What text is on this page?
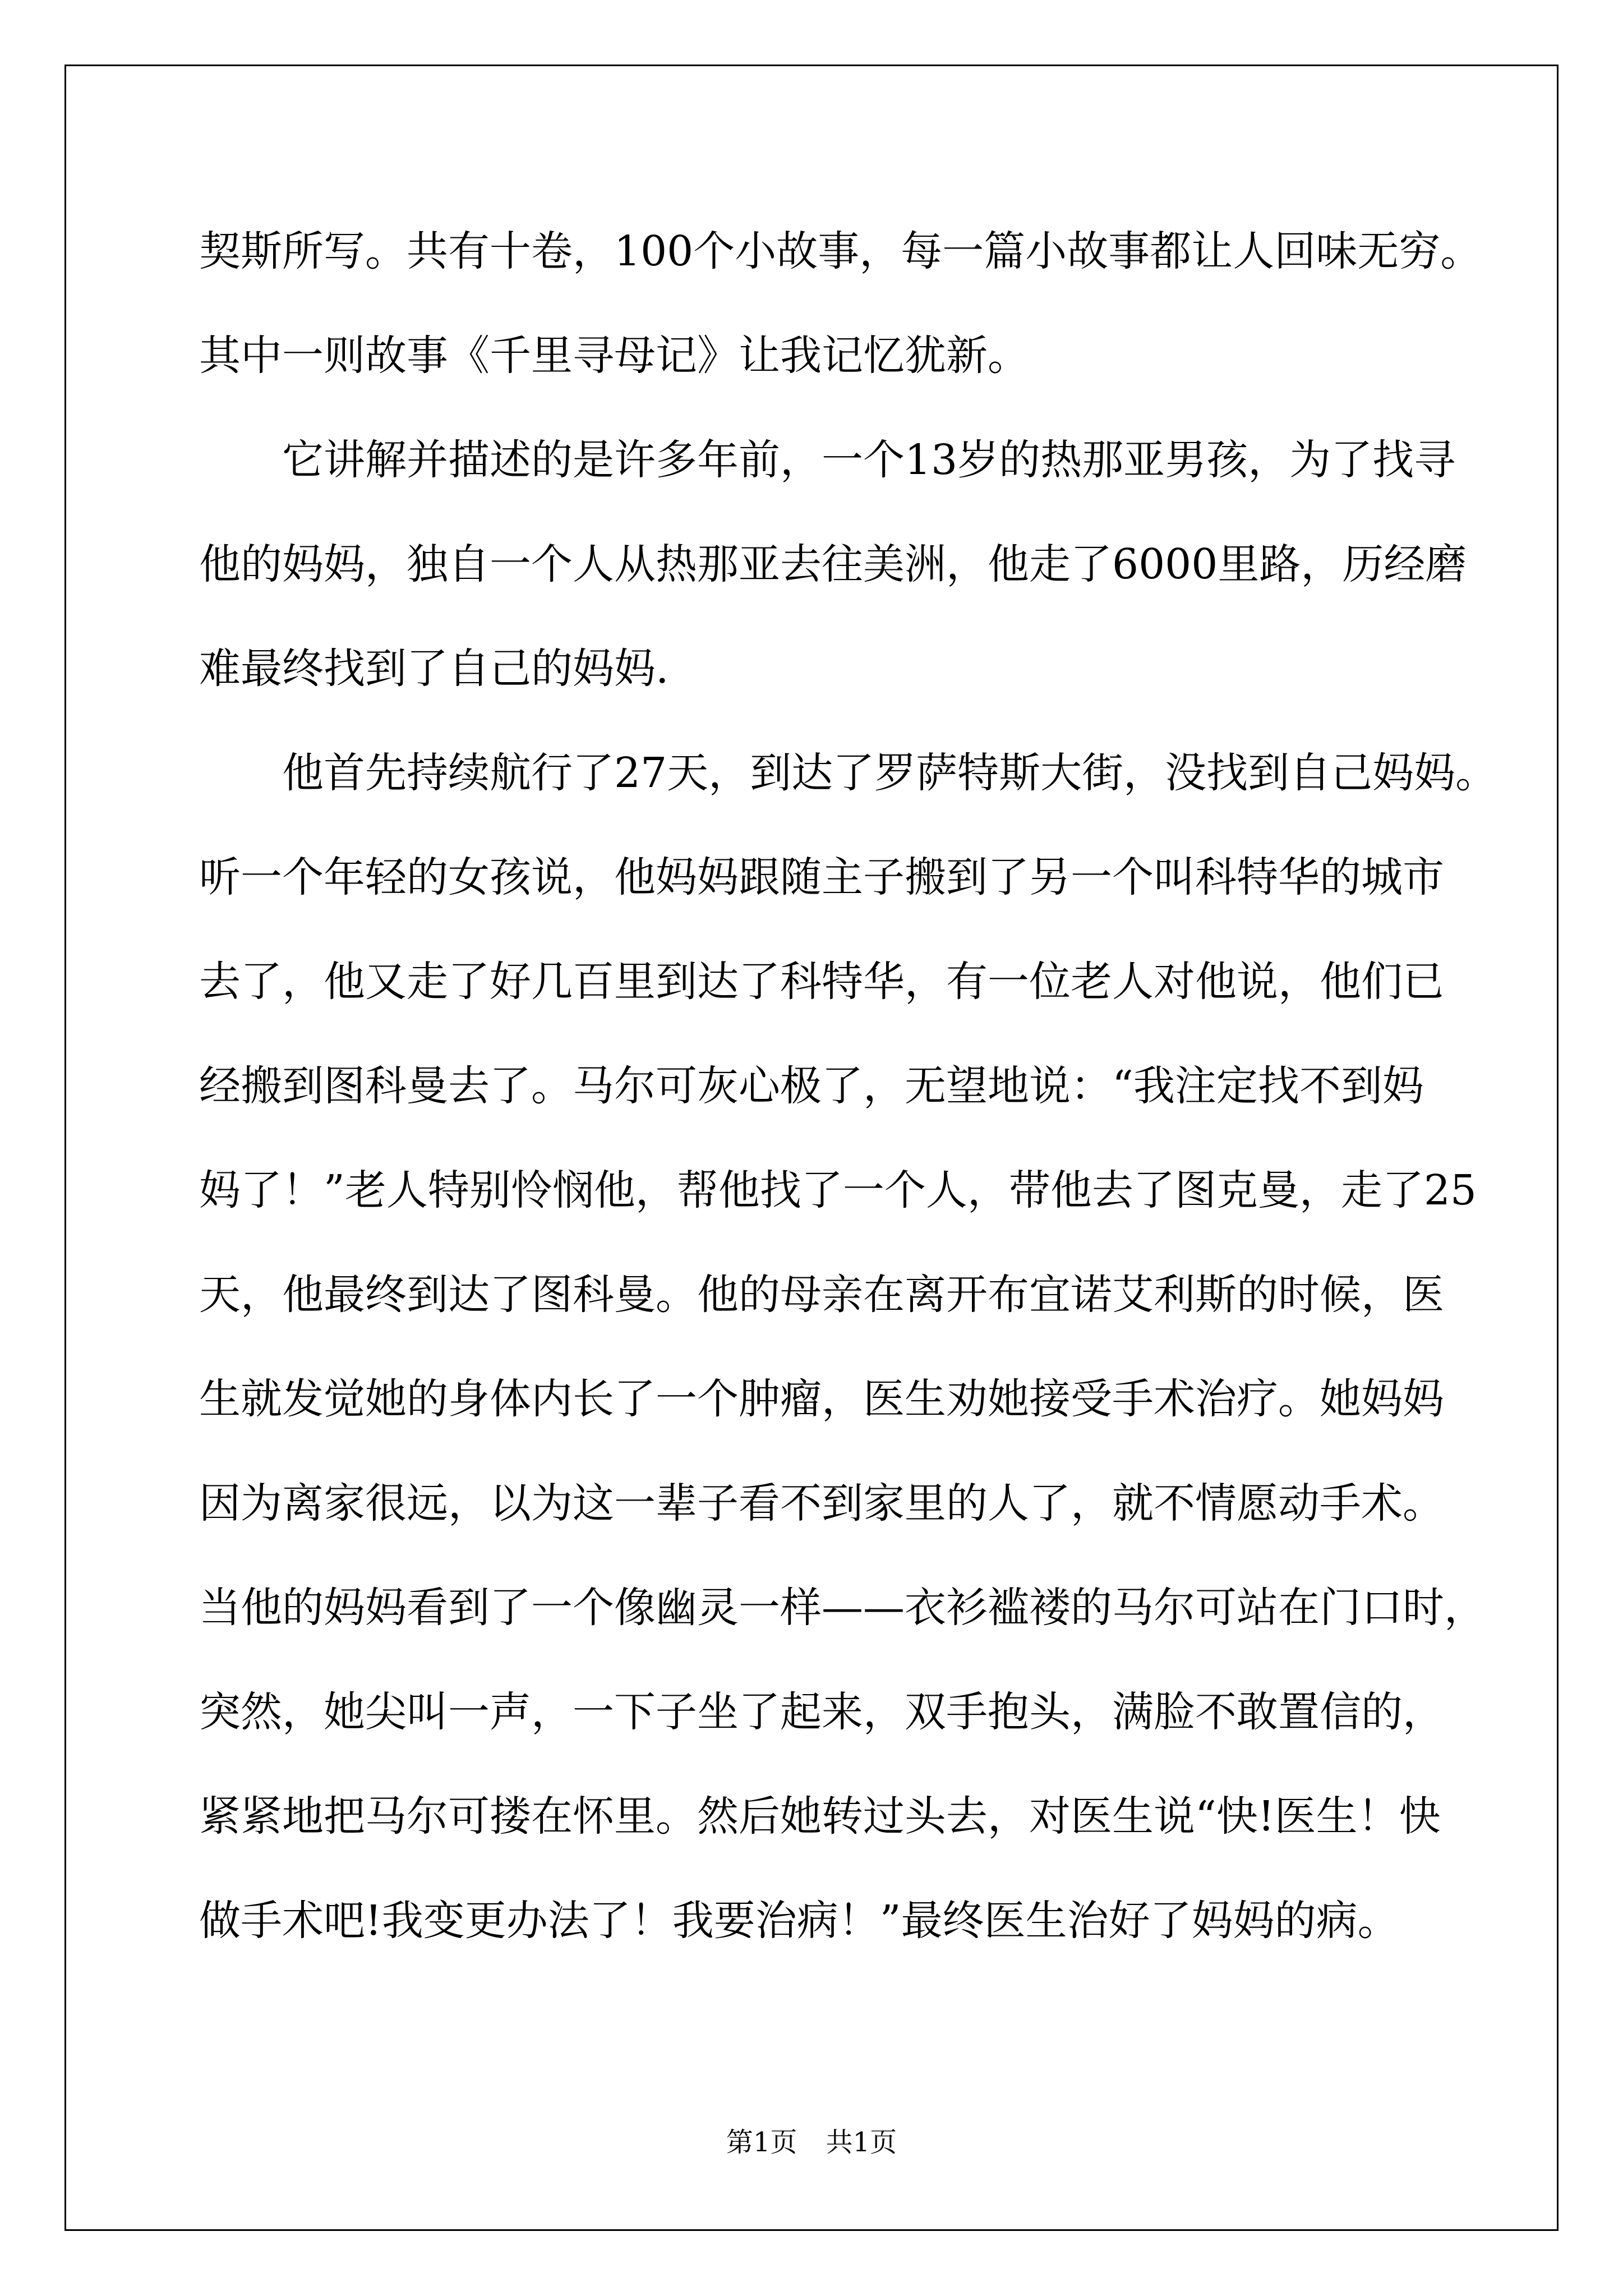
契斯所写。共有十卷，100个小故事，每一篇小故事都让人回味无穷。
其中一则故事《千里寻母记》让我记忆犹新。
它讲解并描述的是许多年前，一个13岁的热那亚男孩，为了找寻
他的妈妈，独自一个人从热那亚去往美洲，他走了6000里路，历经磨
难最终找到了自己的妈妈.
他首先持续航行了27天，到达了罗萨特斯大街，没找到自己妈妈。
听一个年轻的女孩说，他妈妈跟随主子搬到了另一个叫科特华的城市
去了，他又走了好几百里到达了科特华，有一位老人对他说，他们已
经搬到图科曼去了。马尔可灰心极了，无望地说：“我注定找不到妈
妈了！”老人特别怜悯他，帮他找了一个人，带他去了图克曼，走了25
天，他最终到达了图科曼。他的母亲在离开布宜诺艾利斯的时候，医
生就发觉她的身体内长了一个肿瘤，医生劝她接受手术治疗。她妈妈
因为离家很远，以为这一辈子看不到家里的人了，就不情愿动手术。
当他的妈妈看到了一个像幽灵一样——衣衫褴褛的马尔可站在门口时，
突然，她尖叫一声，一下子坐了起来，双手抱头，满脸不敢置信的，
紧紧地把马尔可搂在怀里。然后她转过头去，对医生说“快!医生！快
做手术吧!我变更办法了！我要治病！”最终医生治好了妈妈的病。
第1页 共1页
